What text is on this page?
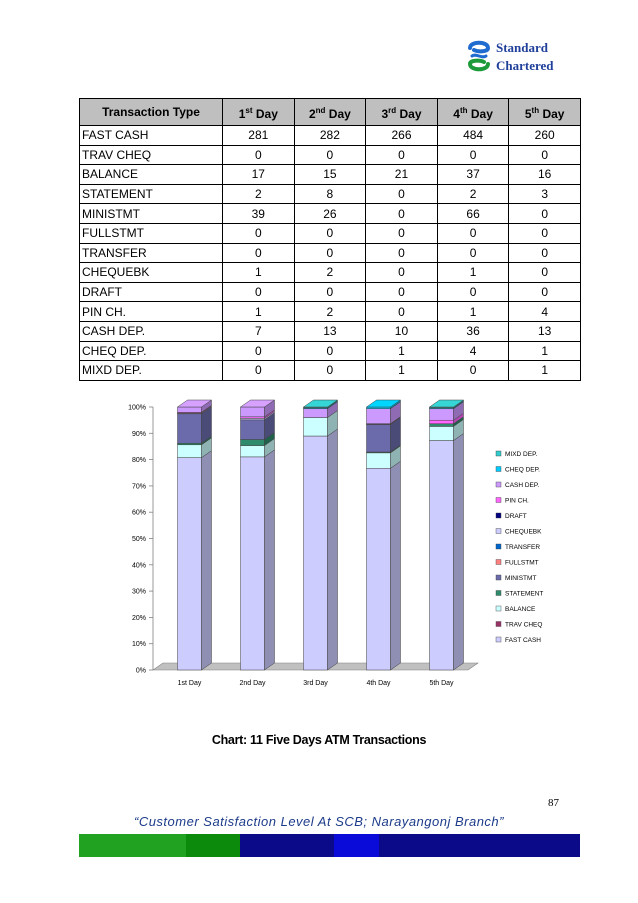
Standard
Chartered
Transaction Type	1st Day	2nd Day	3rd Day	4th Day	5th Day
FAST CASH	281	282	266	484	260
TRAV CHEQ	0	0	0	0	0
BALANCE	17	15	21	37	16
STATEMENT	2	8	0	2	3
MINISTMT	39	26	0	66	0
FULLSTMT	0	0	0	0	0
TRANSFER	0	0	0	0	0
CHEQUEBK	1	2	0	1	0
DRAFT	0	0	0	0	0
PIN CH.	1	2	0	1	4
CASH DEP.	7	13	10	36	13
CHEQ DEP.	0	0	1	4	1
MIXD DEP.	0	0	1	0	1
0%
10%
20%
30%
40%
50%
60%
70%
80%
90%
100%
1st Day	2nd Day	3rd Day	4th Day	5th Day
MIXD DEP.
CHEQ DEP.
CASH DEP.
PIN CH.
DRAFT
CHEQUEBK
TRANSFER
FULLSTMT
MINISTMT
STATEMENT
BALANCE
TRAV CHEQ
FAST CASH
Chart: 11 Five Days ATM Transactions
87
“Customer Satisfaction Level At SCB; Narayangonj Branch”
